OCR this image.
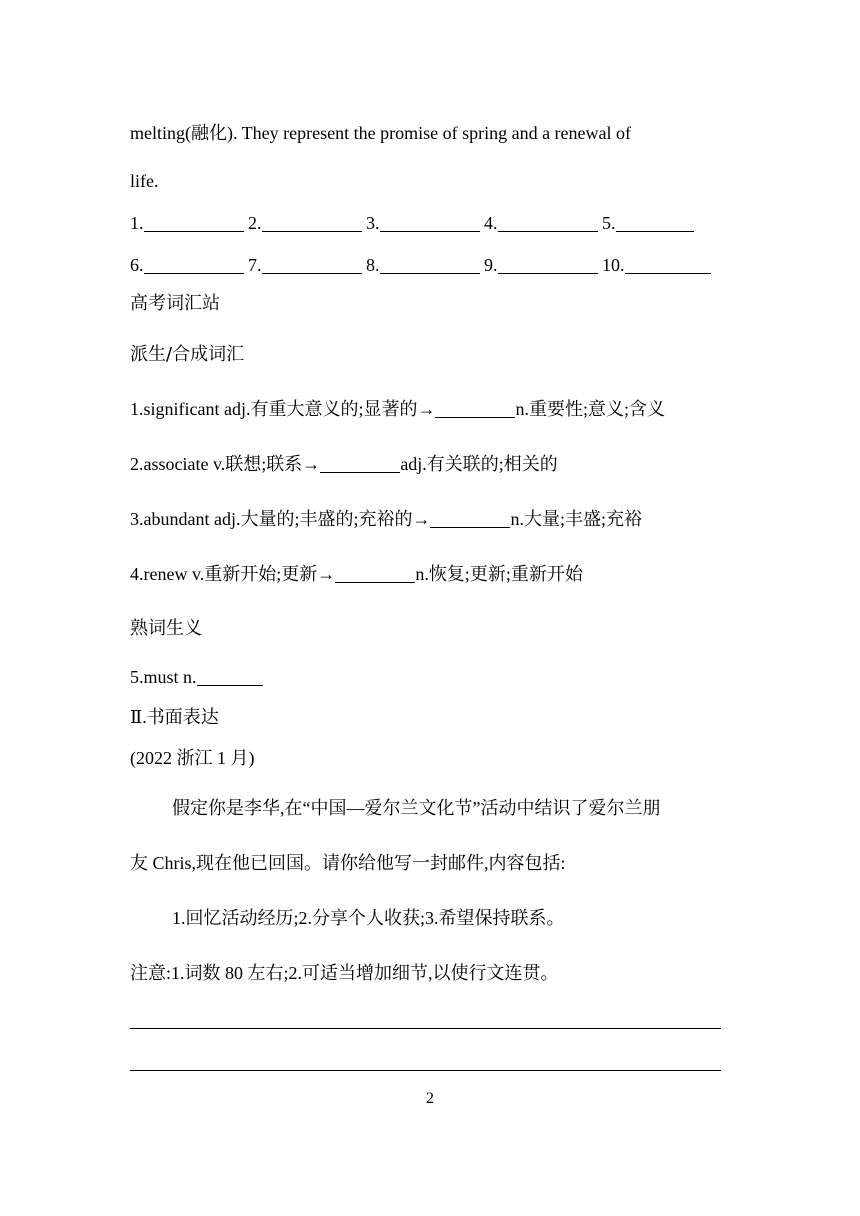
melting(融化). They represent the promise of spring and a renewal of
life.
1.	2.	3.	4.	5.
6.	7.	8.	9.	10.
高考词汇站
派生/合成词汇
1.significant adj.有重大意义的;显著的→	n.重要性;意义;含义
2.associate v.联想;联系→	adj.有关联的;相关的
3.abundant adj.大量的;丰盛的;充裕的→	n.大量;丰盛;充裕
4.renew v.重新开始;更新→	n.恢复;更新;重新开始
熟词生义
5.must n.
Ⅱ.书面表达
(2022 浙江 1 月)
假定你是李华,在“中国—爱尔兰文化节”活动中结识了爱尔兰朋
友 Chris,现在他已回国。请你给他写一封邮件,内容包括:
1.回忆活动经历;2.分享个人收获;3.希望保持联系。
注意:1.词数 80 左右;2.可适当增加细节,以使行文连贯。
2
